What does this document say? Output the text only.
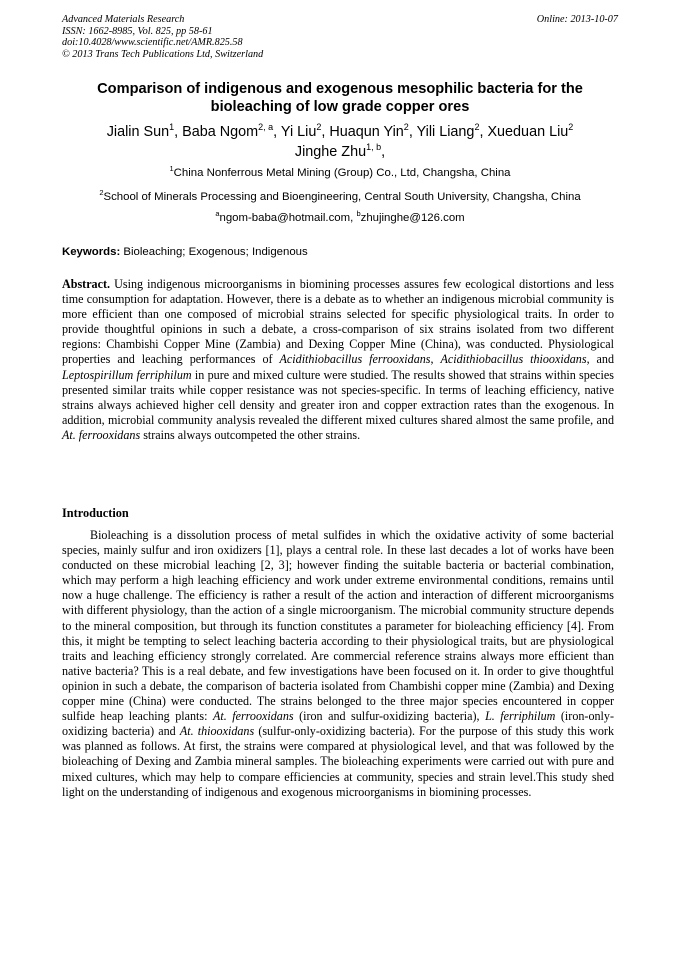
Advanced Materials Research
ISSN: 1662-8985, Vol. 825, pp 58-61
doi:10.4028/www.scientific.net/AMR.825.58
© 2013 Trans Tech Publications Ltd, Switzerland
Online: 2013-10-07
Comparison of indigenous and exogenous mesophilic bacteria for the bioleaching of low grade copper ores
Jialin Sun$^1$, Baba Ngom$^{2, a}$, Yi Liu$^2$, Huaqun Yin$^2$, Yili Liang$^2$, Xueduan Liu$^2$
Jinghe Zhu$^{1, b}$,
$^1$China Nonferrous Metal Mining (Group) Co., Ltd, Changsha, China
$^2$School of Minerals Processing and Bioengineering, Central South University, Changsha, China
$^a$ngom-baba@hotmail.com, $^b$zhujinghe@126.com
Keywords: Bioleaching; Exogenous; Indigenous
Abstract. Using indigenous microorganisms in biomining processes assures few ecological distortions and less time consumption for adaptation. However, there is a debate as to whether an indigenous microbial community is more efficient than one composed of microbial strains selected for specific physiological traits. In order to provide thoughtful opinions in such a debate, a cross-comparison of six strains isolated from two different regions: Chambishi Copper Mine (Zambia) and Dexing Copper Mine (China), was conducted. Physiological properties and leaching performances of Acidithiobacillus ferrooxidans, Acidithiobacillus thiooxidans, and Leptospirillum ferriphilum in pure and mixed culture were studied. The results showed that strains within species presented similar traits while copper resistance was not species-specific. In terms of leaching efficiency, native strains always achieved higher cell density and greater iron and copper extraction rates than the exogenous. In addition, microbial community analysis revealed the different mixed cultures shared almost the same profile, and At. ferrooxidans strains always outcompeted the other strains.
Introduction
Bioleaching is a dissolution process of metal sulfides in which the oxidative activity of some bacterial species, mainly sulfur and iron oxidizers [1], plays a central role. In these last decades a lot of works have been conducted on these microbial leaching [2, 3]; however finding the suitable bacteria or bacterial combination, which may perform a high leaching efficiency and work under extreme environmental conditions, remains until now a huge challenge. The efficiency is rather a result of the action and interaction of different microorganisms with different physiology, than the action of a single microorganism. The microbial community structure depends to the mineral composition, but through its function constitutes a parameter for bioleaching efficiency [4]. From this, it might be tempting to select leaching bacteria according to their physiological traits, but are physiological traits and leaching efficiency strongly correlated. Are commercial reference strains always more efficient than native bacteria? This is a real debate, and few investigations have been focused on it. In order to give thoughtful opinion in such a debate, the comparison of bacteria isolated from Chambishi copper mine (Zambia) and Dexing copper mine (China) were conducted. The strains belonged to the three major species encountered in copper sulfide heap leaching plants: At. ferrooxidans (iron and sulfur-oxidizing bacteria), L. ferriphilum (iron-only-oxidizing bacteria) and At. thiooxidans (sulfur-only-oxidizing bacteria). For the purpose of this study this work was planned as follows. At first, the strains were compared at physiological level, and that was followed by the bioleaching of Dexing and Zambia mineral samples. The bioleaching experiments were carried out with pure and mixed cultures, which may help to compare efficiencies at community, species and strain level.This study shed light on the understanding of indigenous and exogenous microorganisms in biomining processes.
